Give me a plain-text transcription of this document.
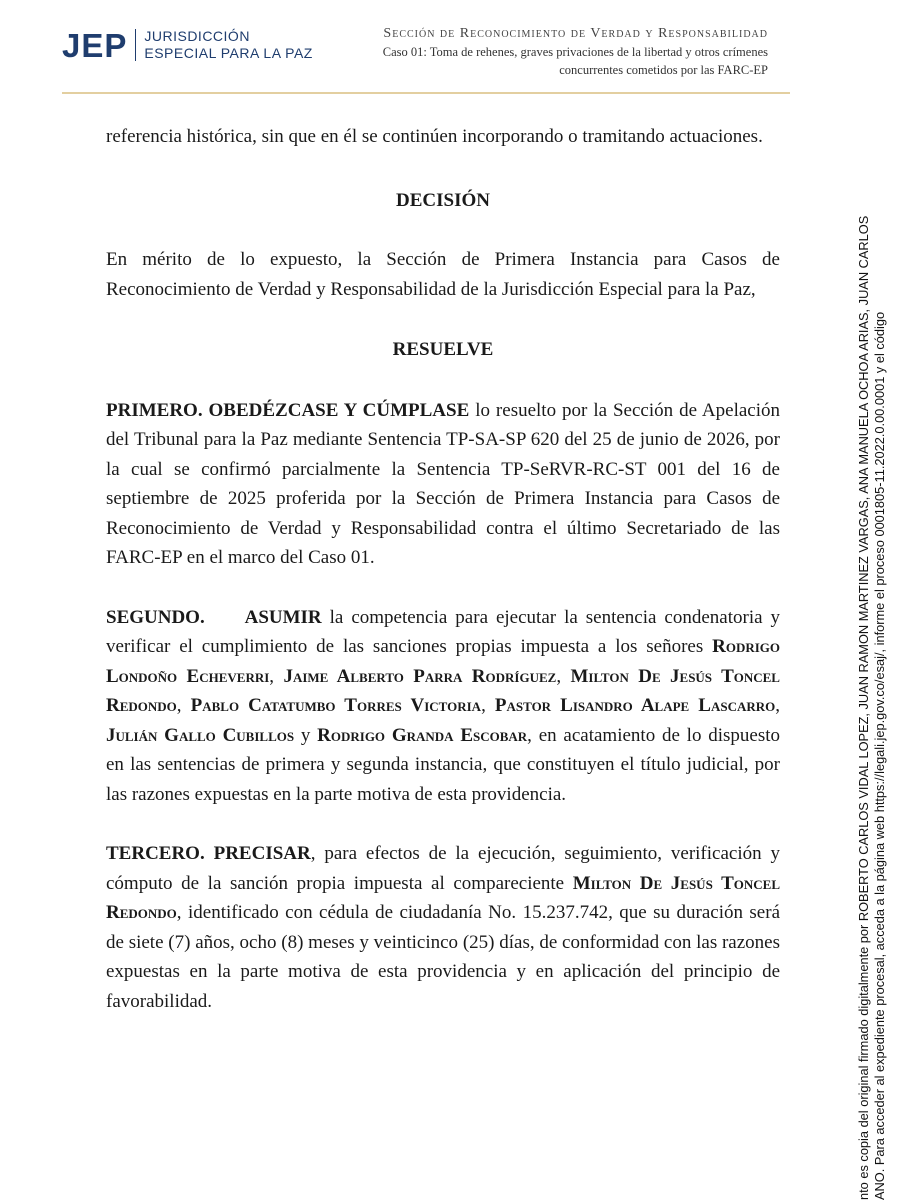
JEP JURISDICCIÓN
ESPECIAL PARA LA PAZ
Sección de Reconocimiento de Verdad y Responsabilidad
Caso 01: Toma de rehenes, graves privaciones de la libertad y otros crímenes
concurrentes cometidos por las FARC-EP

referencia histórica, sin que en él se continúen incorporando o tramitando actuaciones.

DECISIÓN

En mérito de lo expuesto, la Sección de Primera Instancia para Casos de Reconocimiento de Verdad y Responsabilidad de la Jurisdicción Especial para la Paz,

RESUELVE

PRIMERO. OBEDÉZCASE Y CÚMPLASE lo resuelto por la Sección de Apelación del Tribunal para la Paz mediante Sentencia TP-SA-SP 620 del 25 de junio de 2026, por la cual se confirmó parcialmente la Sentencia TP-SeRVR-RC-ST 001 del 16 de septiembre de 2025 proferida por la Sección de Primera Instancia para Casos de Reconocimiento de Verdad y Responsabilidad contra el último Secretariado de las FARC-EP en el marco del Caso 01.

SEGUNDO. ASUMIR la competencia para ejecutar la sentencia condenatoria y verificar el cumplimiento de las sanciones propias impuesta a los señores Rodrigo Londoño Echeverri, Jaime Alberto Parra Rodríguez, Milton De Jesús Toncel Redondo, Pablo Catatumbo Torres Victoria, Pastor Lisandro Alape Lascarro, Julián Gallo Cubillos y Rodrigo Granda Escobar, en acatamiento de lo dispuesto en las sentencias de primera y segunda instancia, que constituyen el título judicial, por las razones expuestas en la parte motiva de esta providencia.

TERCERO. PRECISAR, para efectos de la ejecución, seguimiento, verificación y cómputo de la sanción propia impuesta al compareciente Milton De Jesús Toncel Redondo, identificado con cédula de ciudadanía No. 15.237.742, que su duración será de siete (7) años, ocho (8) meses y veinticinco (25) días, de conformidad con las razones expuestas en la parte motiva de esta providencia y en aplicación del principio de favorabilidad.	nto es copia del original firmado digitalmente por ROBERTO CARLOS VIDAL LOPEZ, JUAN RAMON MARTINEZ VARGAS, ANA MANUELA OCHOA ARIAS, JUAN CARLOS ANO. Para acceder al expediente procesal, acceda a la página web https://legali.jep.gov.co/esaj/, informe el proceso 0001805-11.2022.0.00.0001 y el código
